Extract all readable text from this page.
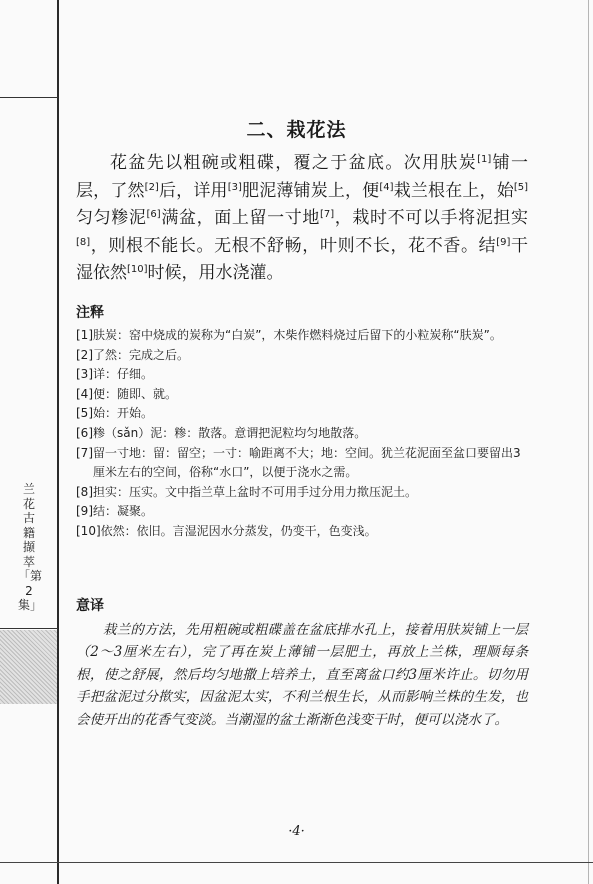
兰花古籍撷萃「第2集」
二、栽花法

花盆先以粗碗或粗碟，覆之于盆底。次用肤炭[1]铺一层，了然[2]后，详用[3]肥泥薄铺炭上，便[4]栽兰根在上，始[5]匀匀糁泥[6]满盆，面上留一寸地[7]，栽时不可以手将泥担实[8]，则根不能长。无根不舒畅，叶则不长，花不香。结[9]干湿依然[10]时候，用水浇灌。

注释
[1] 肤炭：窑中烧成的炭称为“白炭”，木柴作燃料烧过后留下的小粒炭称“肤炭”。
[2] 了然：完成之后。
[3] 详：仔细。
[4] 便：随即、就。
[5] 始：开始。
[6] 糁（sǎn）泥：糁：散落。意谓把泥粒均匀地散落。
[7] 留一寸地：留：留空；一寸：喻距离不大；地：空间。犹兰花泥面至盆口要留出3厘米左右的空间，俗称“水口”，以便于浇水之需。
[8] 担实：压实。文中指兰草上盆时不可用手过分用力揿压泥土。
[9] 结：凝聚。
[10] 依然：依旧。言湿泥因水分蒸发，仍变干，色变浅。
意译

栽兰的方法，先用粗碗或粗碟盖在盆底排水孔上，接着用肤炭铺上一层（2～3厘米左右），完了再在炭上薄铺一层肥土，再放上兰株，理顺每条根，使之舒展，然后均匀地撒上培养土，直至离盆口约3厘米许止。切勿用手把盆泥过分揿实，因盆泥太实，不利兰根生长，从而影响兰株的生发，也会使开出的花香气变淡。当潮湿的盆土渐渐色浅变干时，便可以浇水了。

·4·
